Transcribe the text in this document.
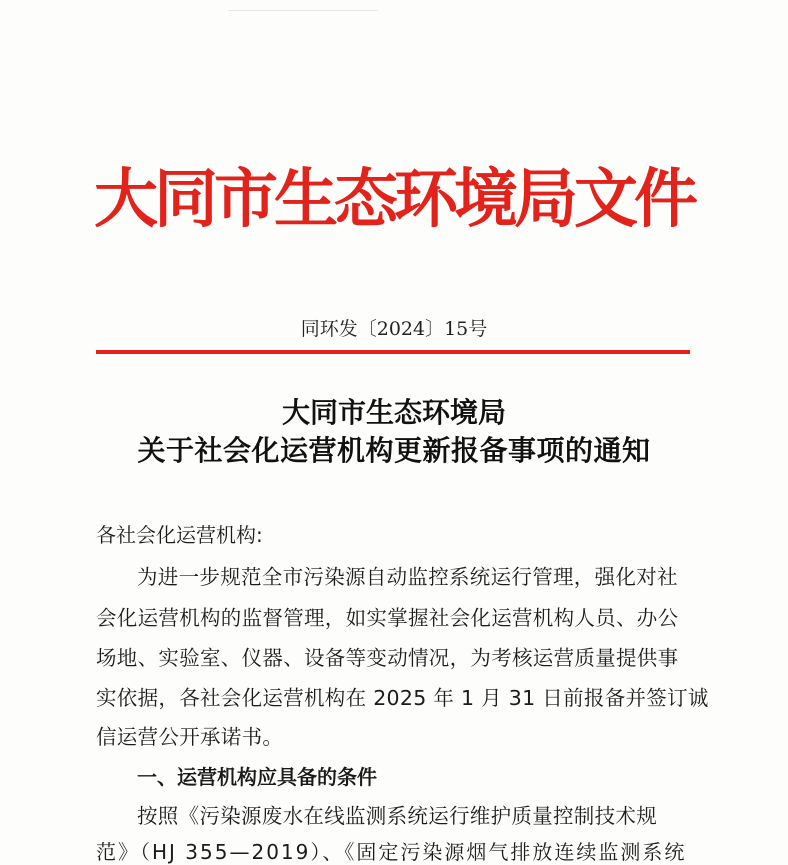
大同市生态环境局文件
同环发〔2024〕15号
大同市生态环境局
关于社会化运营机构更新报备事项的通知
各社会化运营机构:
为进一步规范全市污染源自动监控系统运行管理，强化对社
会化运营机构的监督管理，如实掌握社会化运营机构人员、办公
场地、实验室、仪器、设备等变动情况，为考核运营质量提供事
实依据，各社会化运营机构在 2025 年 1 月 31 日前报备并签订诚
信运营公开承诺书。
一、运营机构应具备的条件
按照《污染源废水在线监测系统运行维护质量控制技术规
范》（HJ 355—2019）、《固定污染源烟气排放连续监测系统
